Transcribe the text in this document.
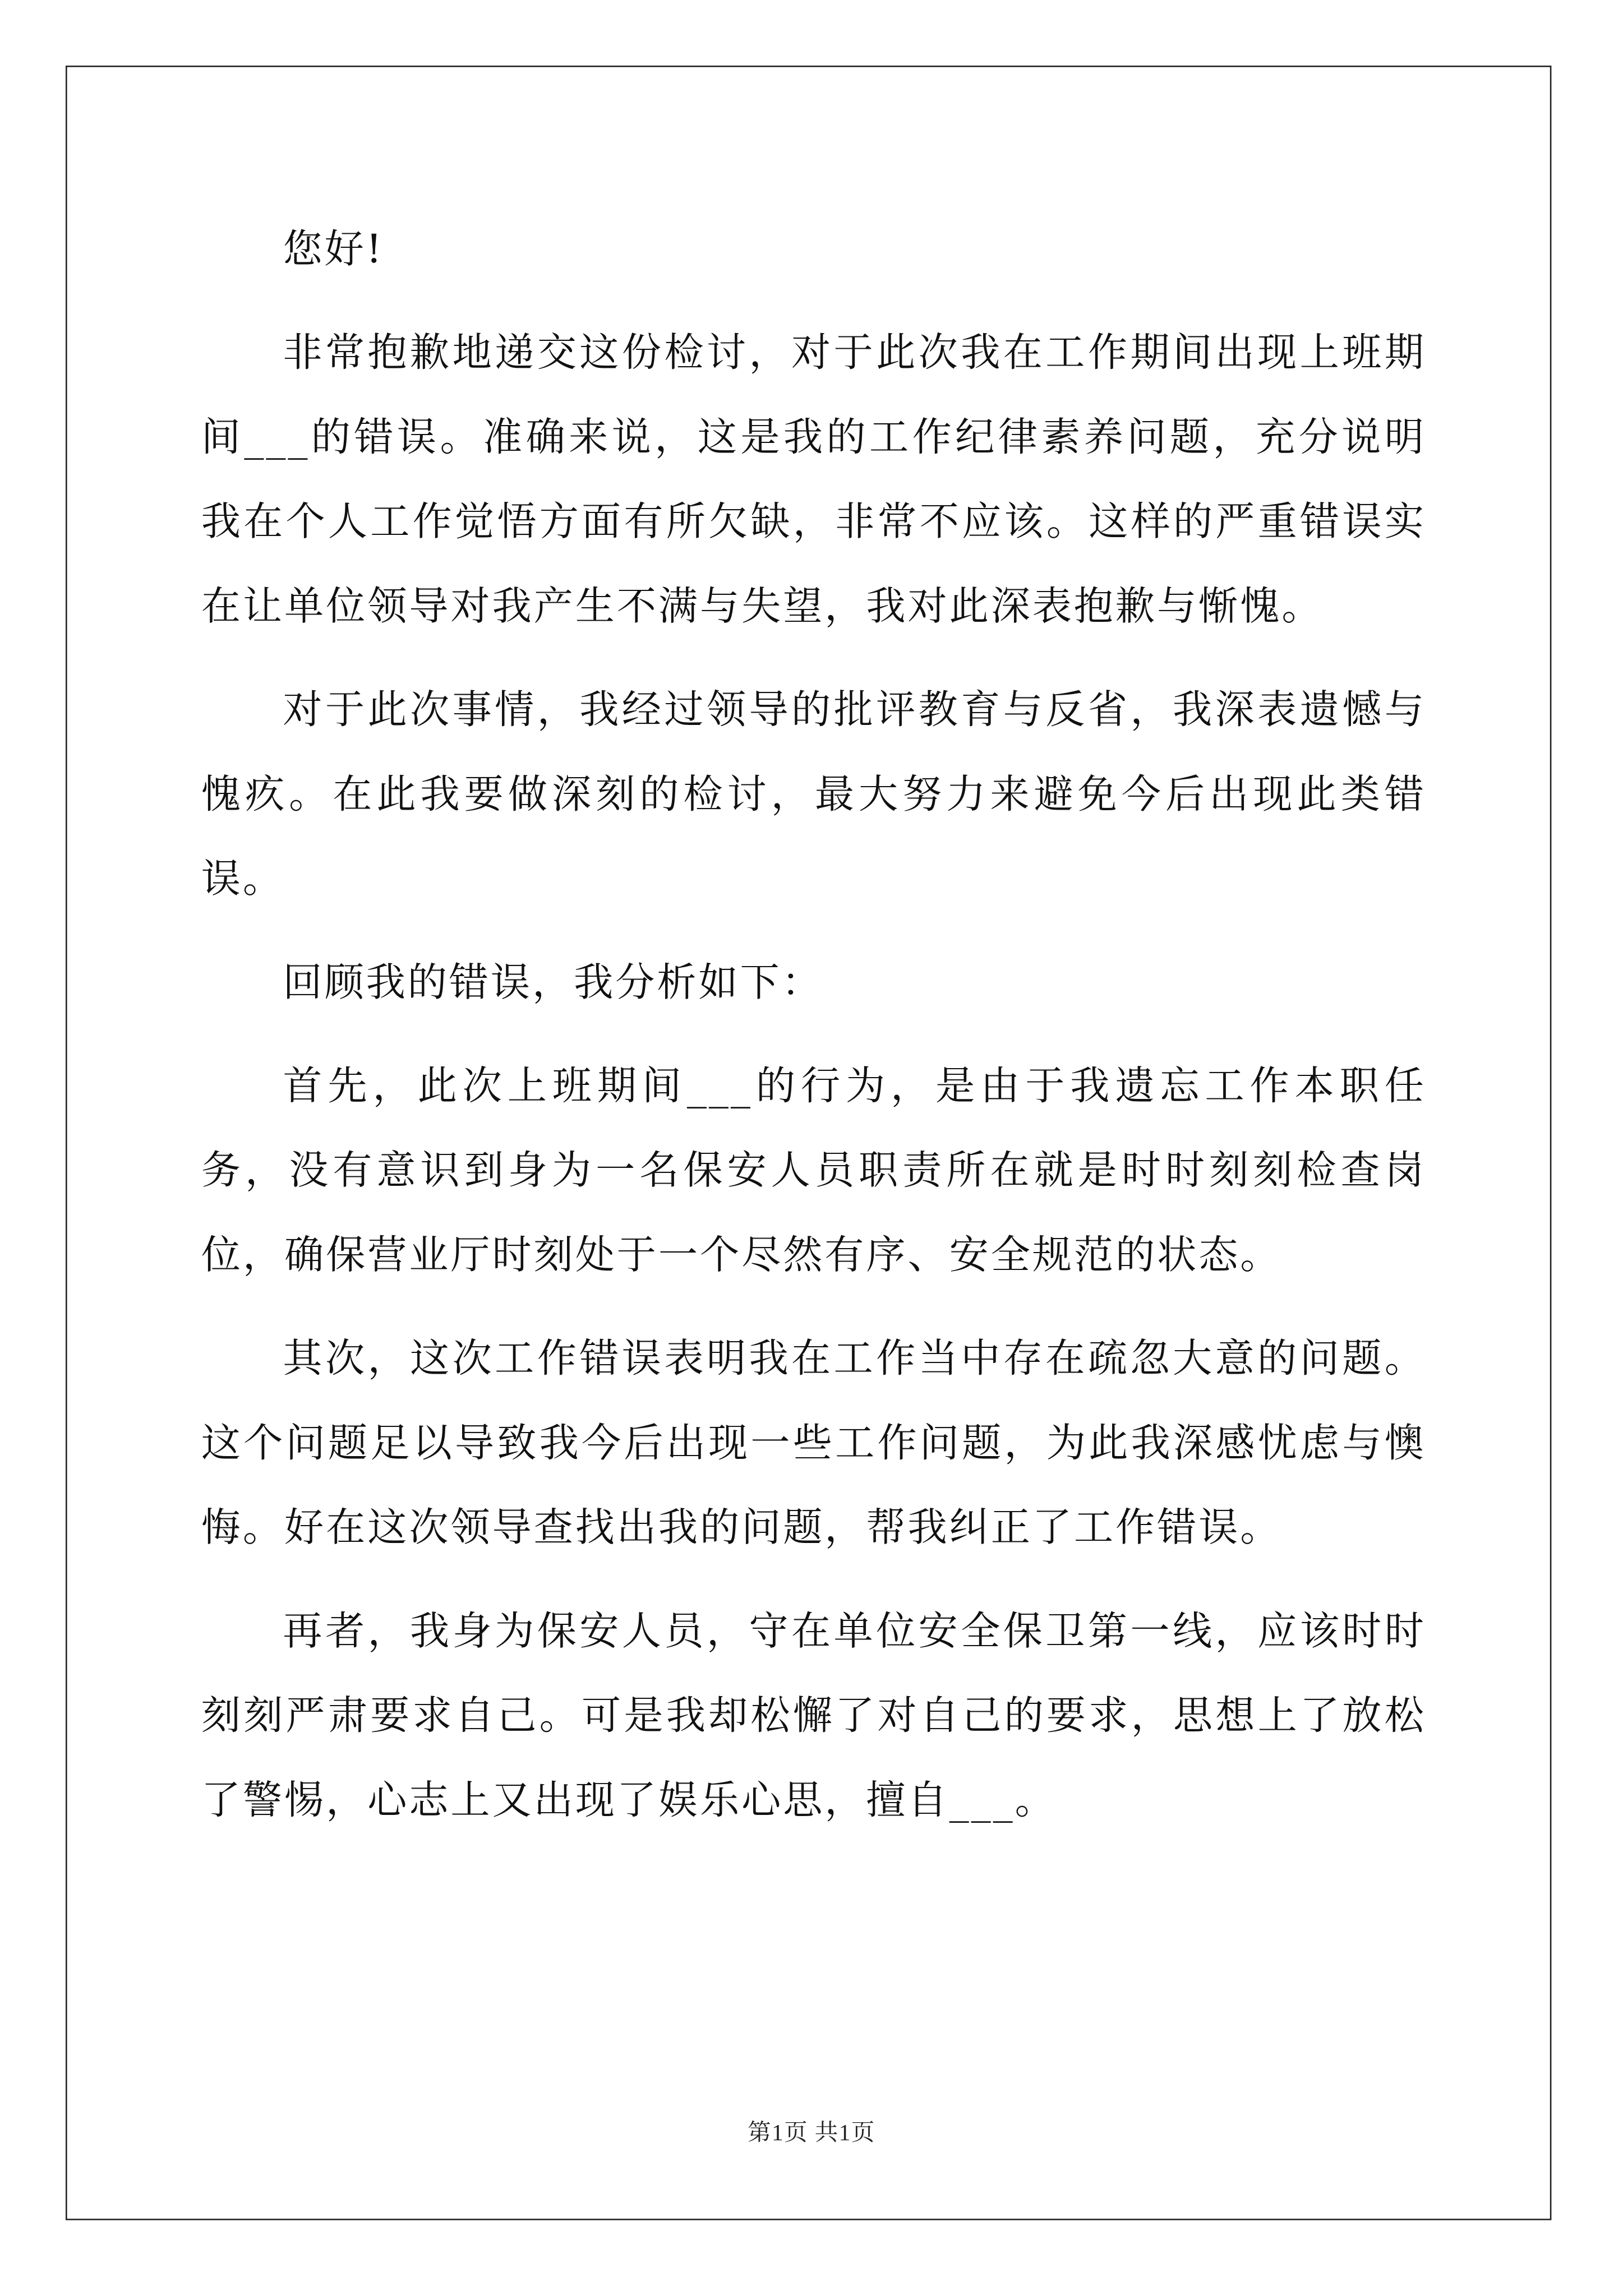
您好!

非常抱歉地递交这份检讨，对于此次我在工作期间出现上班期间___的错误。准确来说，这是我的工作纪律素养问题，充分说明我在个人工作觉悟方面有所欠缺，非常不应该。这样的严重错误实在让单位领导对我产生不满与失望，我对此深表抱歉与惭愧。

对于此次事情，我经过领导的批评教育与反省，我深表遗憾与愧疚。在此我要做深刻的检讨，最大努力来避免今后出现此类错误。

回顾我的错误，我分析如下：

首先，此次上班期间___的行为，是由于我遗忘工作本职任务，没有意识到身为一名保安人员职责所在就是时时刻刻检查岗位，确保营业厅时刻处于一个尽然有序、安全规范的状态。

其次，这次工作错误表明我在工作当中存在疏忽大意的问题。这个问题足以导致我今后出现一些工作问题，为此我深感忧虑与懊悔。好在这次领导查找出我的问题，帮我纠正了工作错误。

再者，我身为保安人员，守在单位安全保卫第一线，应该时时刻刻严肃要求自己。可是我却松懈了对自己的要求，思想上了放松了警惕，心志上又出现了娱乐心思，擅自___。

第1页 共1页
